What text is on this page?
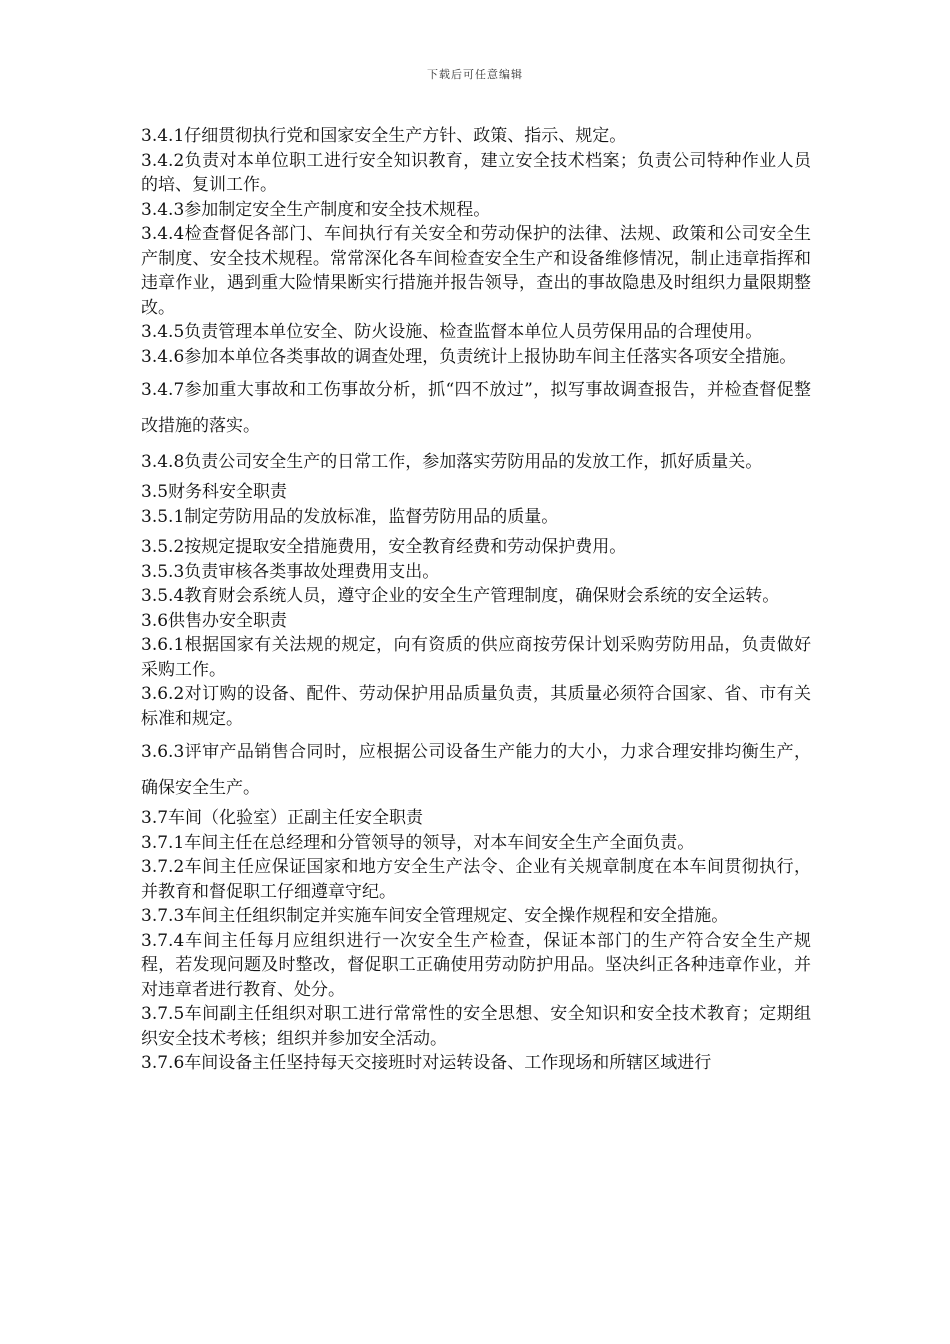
下载后可任意编辑

3.4.1仔细贯彻执行党和国家安全生产方针、政策、指示、规定。

3.4.2负责对本单位职工进行安全知识教育，建立安全技术档案；负责公司特种作业人员的培、复训工作。

3.4.3参加制定安全生产制度和安全技术规程。

3.4.4检查督促各部门、车间执行有关安全和劳动保护的法律、法规、政策和公司安全生产制度、安全技术规程。常常深化各车间检查安全生产和设备维修情况，制止违章指挥和违章作业，遇到重大险情果断实行措施并报告领导，查出的事故隐患及时组织力量限期整改。

3.4.5负责管理本单位安全、防火设施、检查监督本单位人员劳保用品的合理使用。

3.4.6参加本单位各类事故的调查处理，负责统计上报协助车间主任落实各项安全措施。

3.4.7参加重大事故和工伤事故分析，抓“四不放过”，拟写事故调查报告，并检查督促整改措施的落实。

3.4.8负责公司安全生产的日常工作，参加落实劳防用品的发放工作，抓好质量关。

3.5财务科安全职责

3.5.1制定劳防用品的发放标准，监督劳防用品的质量。

3.5.2按规定提取安全措施费用，安全教育经费和劳动保护费用。

3.5.3负责审核各类事故处理费用支出。

3.5.4教育财会系统人员，遵守企业的安全生产管理制度，确保财会系统的安全运转。

3.6供售办安全职责

3.6.1根据国家有关法规的规定，向有资质的供应商按劳保计划采购劳防用品，负责做好采购工作。

3.6.2对订购的设备、配件、劳动保护用品质量负责，其质量必须符合国家、省、市有关标准和规定。

3.6.3评审产品销售合同时，应根据公司设备生产能力的大小，力求合理安排均衡生产，确保安全生产。

3.7车间（化验室）正副主任安全职责

3.7.1车间主任在总经理和分管领导的领导，对本车间安全生产全面负责。

3.7.2车间主任应保证国家和地方安全生产法令、企业有关规章制度在本车间贯彻执行，并教育和督促职工仔细遵章守纪。

3.7.3车间主任组织制定并实施车间安全管理规定、安全操作规程和安全措施。

3.7.4车间主任每月应组织进行一次安全生产检查，保证本部门的生产符合安全生产规程，若发现问题及时整改，督促职工正确使用劳动防护用品。坚决纠正各种违章作业，并对违章者进行教育、处分。

3.7.5车间副主任组织对职工进行常常性的安全思想、安全知识和安全技术教育；定期组织安全技术考核；组织并参加安全活动。

3.7.6车间设备主任坚持每天交接班时对运转设备、工作现场和所辖区域进行
